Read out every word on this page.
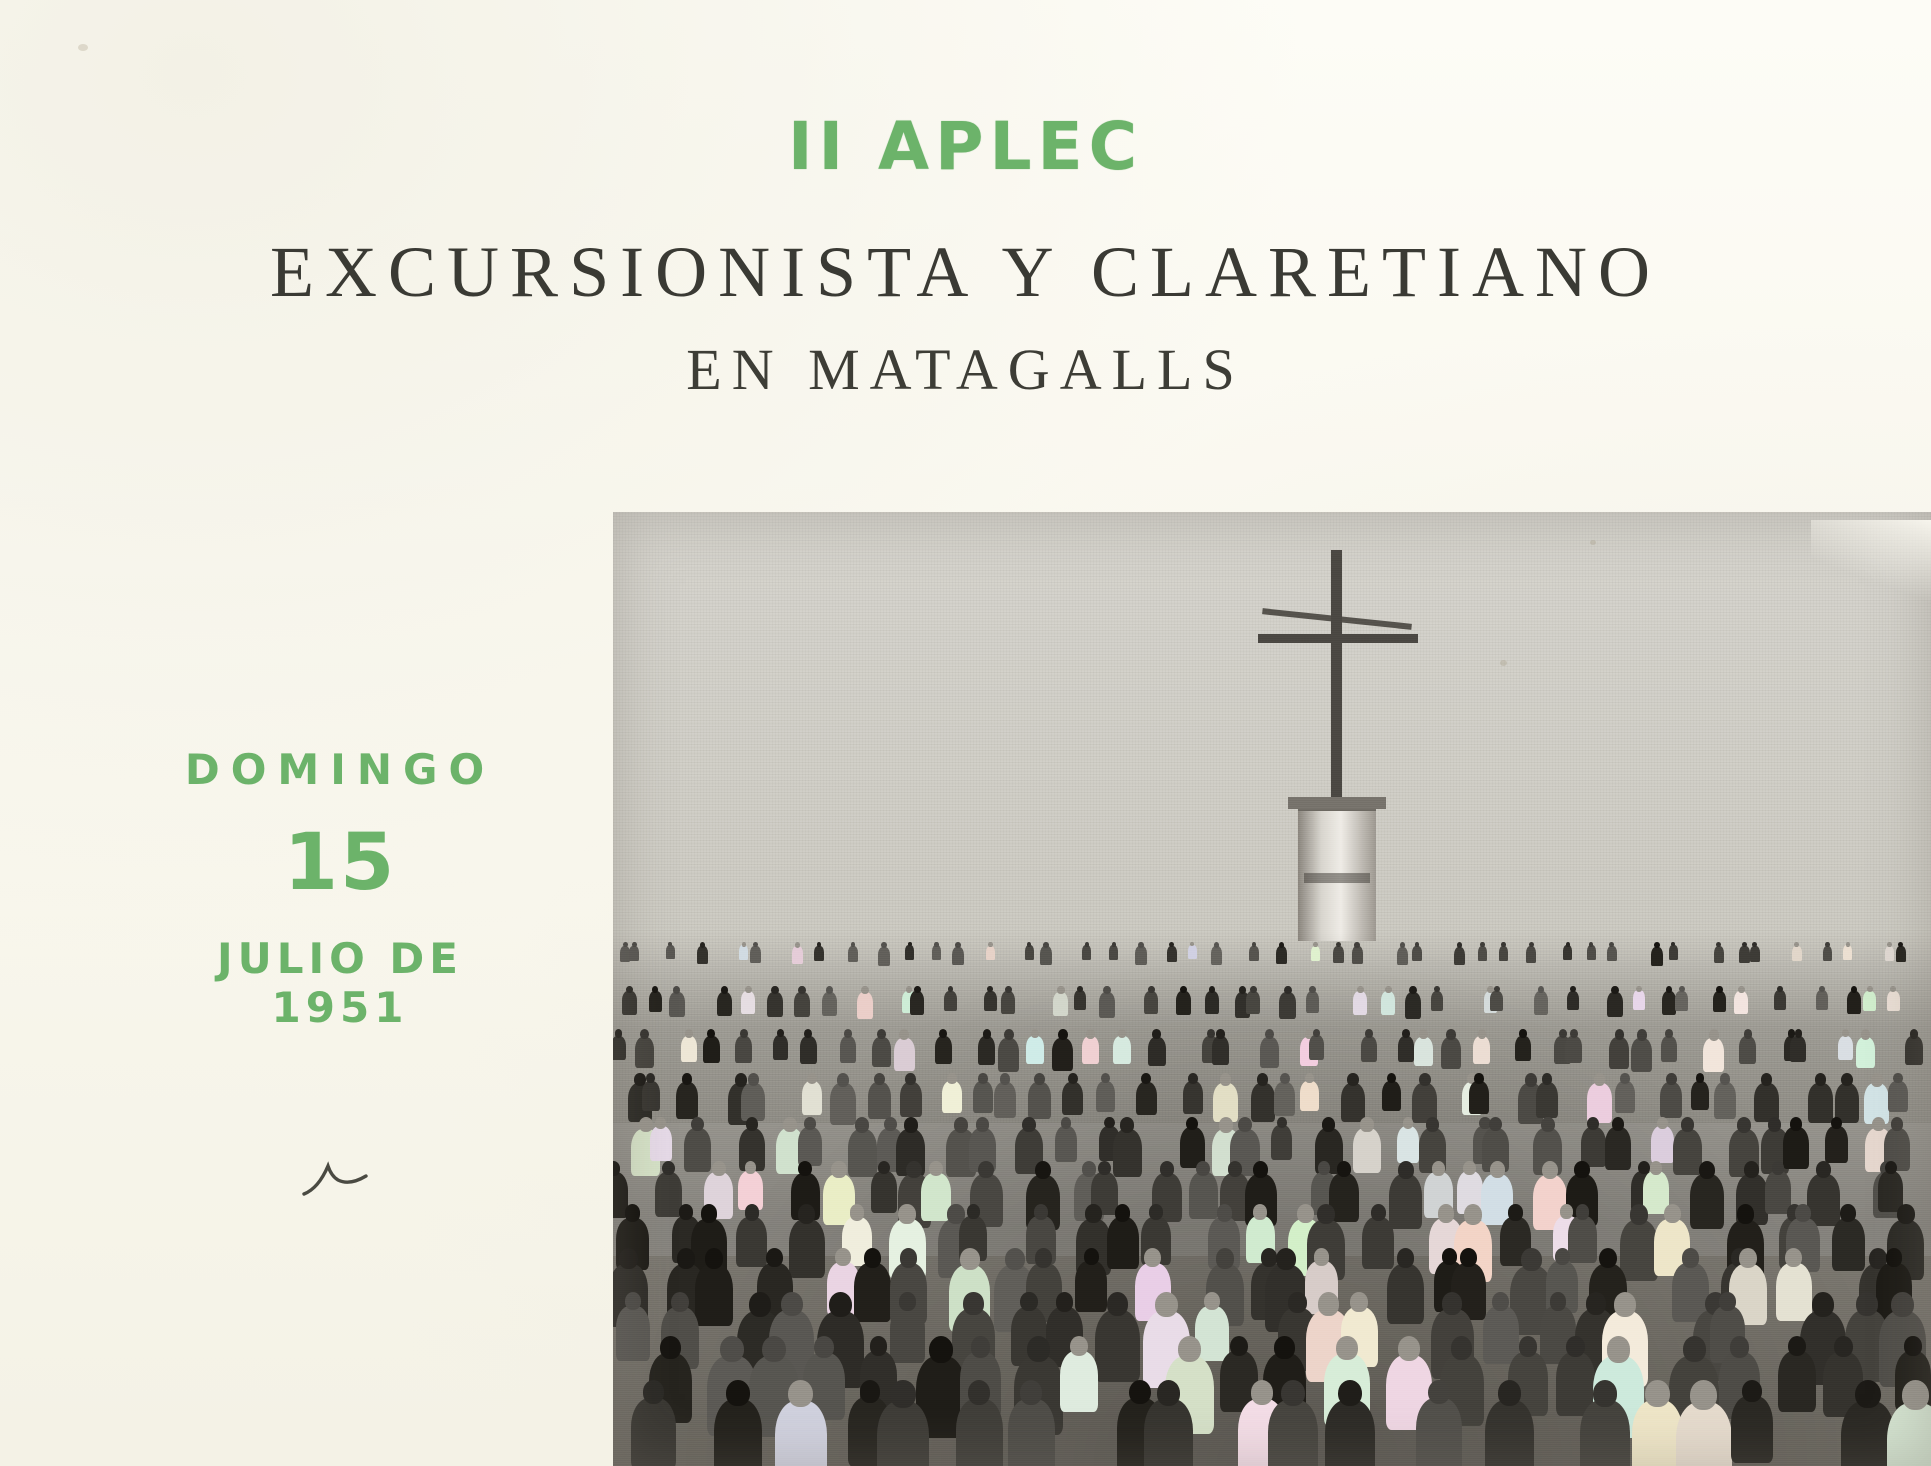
II APLEC
EXCURSIONISTA Y CLARETIANO
EN MATAGALLS
DOMINGO
15
JULIO DE 1951
